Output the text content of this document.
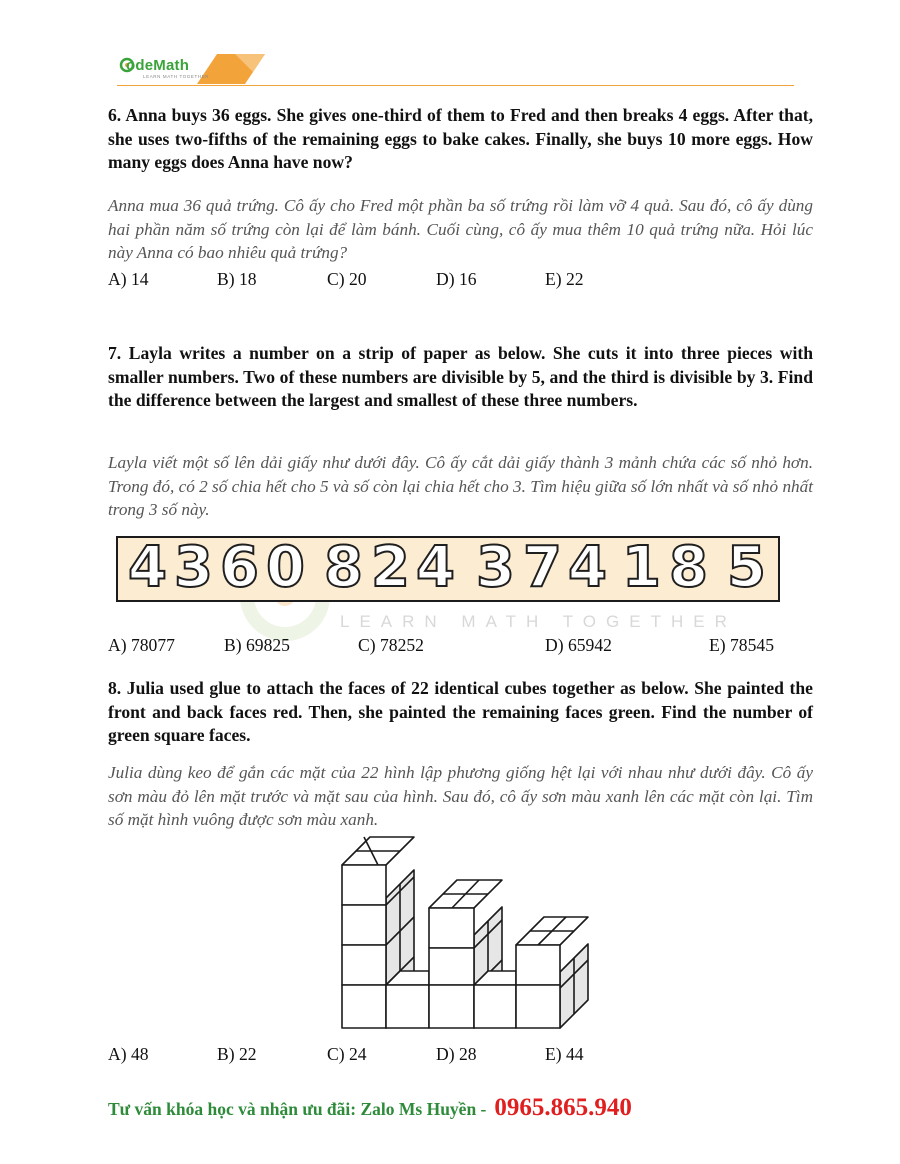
odeMath
LEARN MATH TOGETHER
6. Anna buys 36 eggs. She gives one-third of them to Fred and then breaks 4 eggs. After that, she uses two-fifths of the remaining eggs to bake cakes. Finally, she buys 10 more eggs. How many eggs does Anna have now?
Anna mua 36 quả trứng. Cô ấy cho Fred một phần ba số trứng rồi làm vỡ 4 quả. Sau đó, cô ấy dùng hai phần năm số trứng còn lại để làm bánh. Cuối cùng, cô ấy mua thêm 10 quả trứng nữa. Hỏi lúc này Anna có bao nhiêu quả trứng?
A) 14	B) 18	C) 20	D) 16	E) 22
7. Layla writes a number on a strip of paper as below. She cuts it into three pieces with smaller numbers. Two of these numbers are divisible by 5, and the third is divisible by 3. Find the difference between the largest and smallest of these three numbers.
Layla viết một số lên dải giấy như dưới đây. Cô ấy cắt dải giấy thành 3 mảnh chứa các số nhỏ hơn. Trong đó, có 2 số chia hết cho 5 và số còn lại chia hết cho 3. Tìm hiệu giữa số lớn nhất và số nhỏ nhất trong 3 số này.
4 3 6 0 8 2 4 3 7 4 1 8 5
LEARN MATH TOGETHER
A) 78077	B) 69825	C) 78252	D) 65942	E) 78545
8. Julia used glue to attach the faces of 22 identical cubes together as below. She painted the front and back faces red. Then, she painted the remaining faces green. Find the number of green square faces.
Julia dùng keo để gắn các mặt của 22 hình lập phương giống hệt lại với nhau như dưới đây. Cô ấy sơn màu đỏ lên mặt trước và mặt sau của hình. Sau đó, cô ấy sơn màu xanh lên các mặt còn lại. Tìm số mặt hình vuông được sơn màu xanh.
A) 48	B) 22	C) 24	D) 28	E) 44
Tư vấn khóa học và nhận ưu đãi: Zalo Ms Huyền - 0965.865.940
